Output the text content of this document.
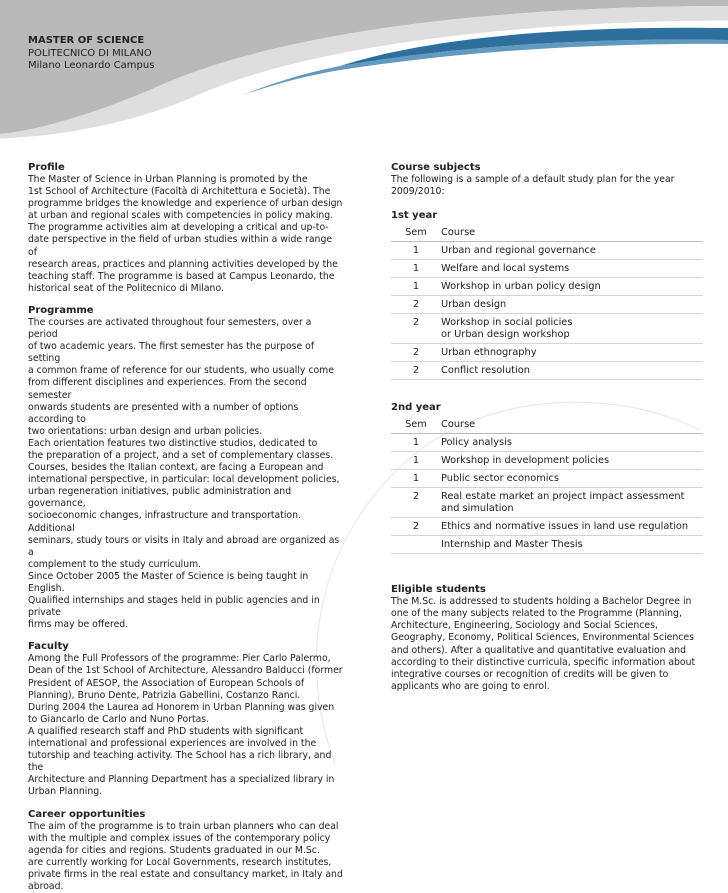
MASTER OF SCIENCE
POLITECNICO DI MILANO
Milano Leonardo Campus
Profile

The Master of Science in Urban Planning is promoted by the
1st School of Architecture (Facoltà di Architettura e Società). The
programme bridges the knowledge and experience of urban design
at urban and regional scales with competencies in policy making.
The programme activities aim at developing a critical and up-to-
date perspective in the field of urban studies within a wide range of
research areas, practices and planning activities developed by the
teaching staff. The programme is based at Campus Leonardo, the
historical seat of the Politecnico di Milano.

Programme

The courses are activated throughout four semesters, over a period
of two academic years. The first semester has the purpose of setting
a common frame of reference for our students, who usually come
from different disciplines and experiences. From the second semester
onwards students are presented with a number of options according to
two orientations: urban design and urban policies.
Each orientation features two distinctive studios, dedicated to
the preparation of a project, and a set of complementary classes.
Courses, besides the Italian context, are facing a European and
international perspective, in particular: local development policies,
urban regeneration initiatives, public administration and governance,
socioeconomic changes, infrastructure and transportation. Additional
seminars, study tours or visits in Italy and abroad are organized as a
complement to the study curriculum.
Since October 2005 the Master of Science is being taught in English.
Qualified internships and stages held in public agencies and in private
firms may be offered.

Faculty

Among the Full Professors of the programme: Pier Carlo Palermo,
Dean of the 1st School of Architecture, Alessandro Balducci (former
President of AESOP, the Association of European Schools of
Planning), Bruno Dente, Patrizia Gabellini, Costanzo Ranci.
During 2004 the Laurea ad Honorem in Urban Planning was given
to Giancarlo de Carlo and Nuno Portas.
A qualified research staff and PhD students with significant
international and professional experiences are involved in the
tutorship and teaching activity. The School has a rich library, and the
Architecture and Planning Department has a specialized library in
Urban Planning.

Career opportunities

The aim of the programme is to train urban planners who can deal
with the multiple and complex issues of the contemporary policy
agenda for cities and regions. Students graduated in our M.Sc.
are currently working for Local Governments, research institutes,
private firms in the real estate and consultancy market, in Italy and
abroad.

Course subjects

The following is a sample of a default study plan for the year 2009/2010:

1st year
Sem	Course
1	Urban and regional governance
1	Welfare and local systems
1	Workshop in urban policy design
2	Urban design
2	Workshop in social policies
or Urban design workshop
2	Urban ethnography
2	Conflict resolution
2nd year
Sem	Course
1	Policy analysis
1	Workshop in development policies
1	Public sector economics
2	Real estate market an project impact assessment
and simulation
2	Ethics and normative issues in land use regulation
	Internship and Master Thesis
Eligible students

The M.Sc. is addressed to students holding a Bachelor Degree in
one of the many subjects related to the Programme (Planning,
Architecture, Engineering, Sociology and Social Sciences,
Geography, Economy, Political Sciences, Environmental Sciences
and others). After a qualitative and quantitative evaluation and
according to their distinctive curricula, specific information about
integrative courses or recognition of credits will be given to
applicants who are going to enrol.
